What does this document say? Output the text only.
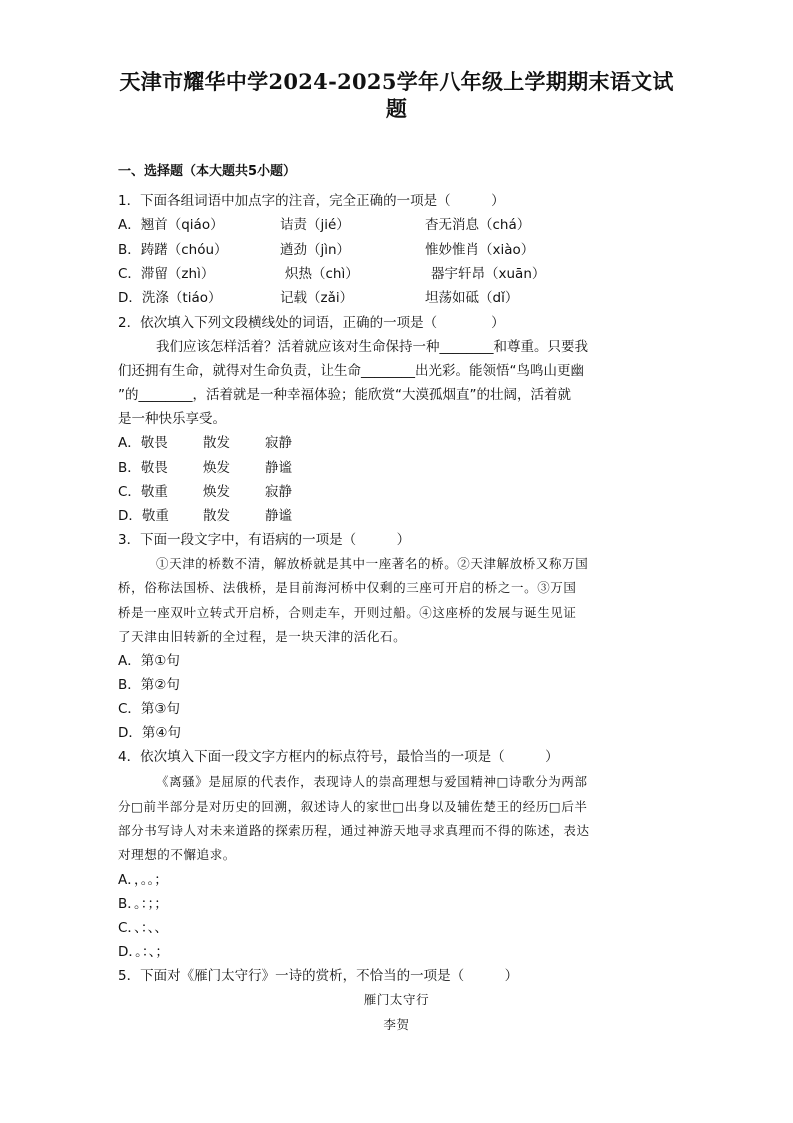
天津市耀华中学2024-2025学年八年级上学期期末语文试
题
一、选择题（本大题共5小题）
1．下面各组词语中加点字的注音，完全正确的一项是（　　　）
A．翘首（qiáo）	诘责（jié）	杳无消息（chá）
B．踌躇（chóu）	遒劲（jìn）	惟妙惟肖（xiào）
C．滞留（zhì）	炽热（chì）	器宇轩昂（xuān）
D．洗涤（tiáo）	记载（zǎi）	坦荡如砥（dǐ）
2．依次填入下列文段横线处的词语，正确的一项是（　　　　）
我们应该怎样活着？活着就应该对生命保持一种________和尊重。只要我
们还拥有生命，就得对生命负责，让生命________出光彩。能领悟“鸟鸣山更幽
”的________，活着就是一种幸福体验；能欣赏“大漠孤烟直”的壮阔，活着就
是一种快乐享受。
A．敬畏	散发	寂静
B．敬畏	焕发	静谧
C．敬重	焕发	寂静
D．敬重	散发	静谧
3．下面一段文字中，有语病的一项是（　　　）
①天津的桥数不清，解放桥就是其中一座著名的桥。②天津解放桥又称万国
桥，俗称法国桥、法俄桥，是目前海河桥中仅剩的三座可开启的桥之一。③万国
桥是一座双叶立转式开启桥，合则走车，开则过船。④这座桥的发展与诞生见证
了天津由旧转新的全过程，是一块天津的活化石。
A．第①句
B．第②句
C．第③句
D．第④句
4．依次填入下面一段文字方框内的标点符号，最恰当的一项是（　　　）
《离骚》是屈原的代表作，表现诗人的崇高理想与爱国精神□诗歌分为两部
分□前半部分是对历史的回溯，叙述诗人的家世□出身以及辅佐楚王的经历□后半
部分书写诗人对未来道路的探索历程，通过神游天地寻求真理而不得的陈述，表达
对理想的不懈追求。
A．，。。；
B．。：；；
C．、：、、
D．。：、；
5．下面对《雁门太守行》一诗的赏析，不恰当的一项是（　　　）
雁门太守行
李贺
